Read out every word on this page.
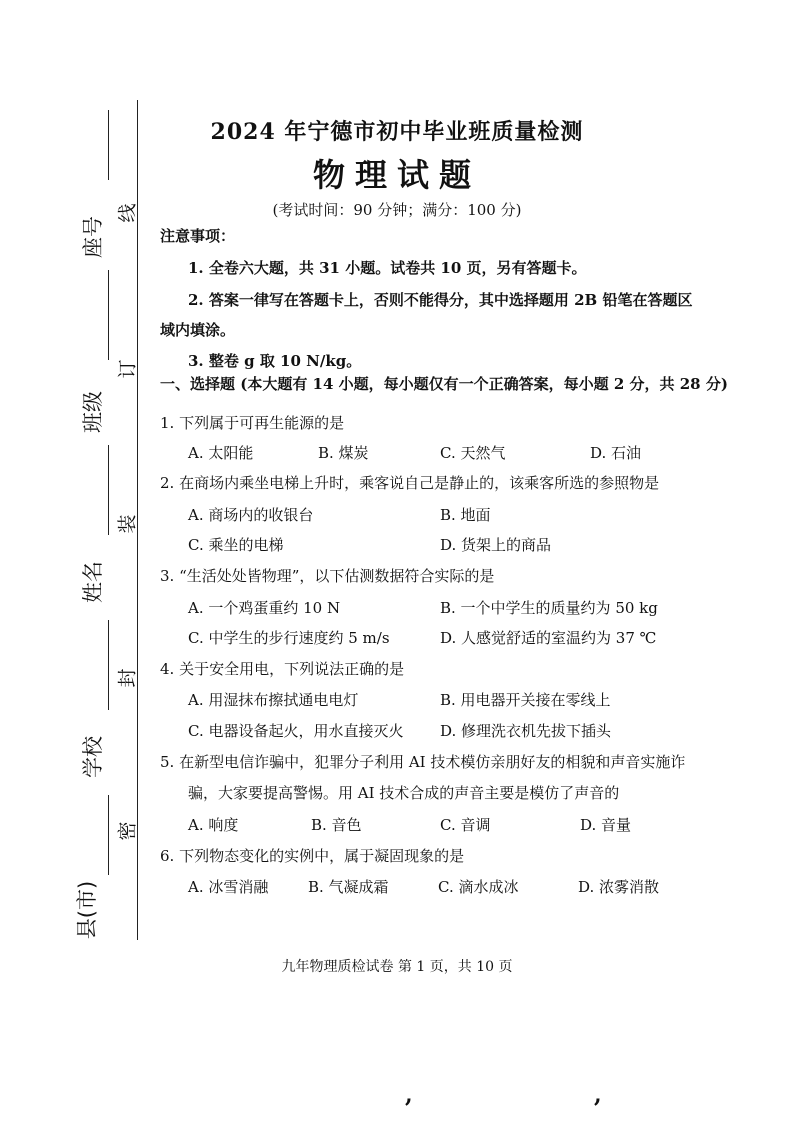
座号
班级
姓名
学校
县(市)
线
订
装
封
密
2024 年宁德市初中毕业班质量检测
物理试题
(考试时间：90 分钟；满分：100 分)
注意事项：
1. 全卷六大题，共 31 小题。试卷共 10 页，另有答题卡。
2. 答案一律写在答题卡上，否则不能得分，其中选择题用 2B 铅笔在答题区
域内填涂。
3. 整卷 g 取 10 N/kg。
一、选择题 (本大题有 14 小题，每小题仅有一个正确答案，每小题 2 分，共 28 分)
1. 下列属于可再生能源的是
A. 太阳能	B. 煤炭	C. 天然气	D. 石油
2. 在商场内乘坐电梯上升时，乘客说自己是静止的，该乘客所选的参照物是
A. 商场内的收银台	B. 地面
C. 乘坐的电梯	D. 货架上的商品
3. “生活处处皆物理”，以下估测数据符合实际的是
A. 一个鸡蛋重约 10 N	B. 一个中学生的质量约为 50 kg
C. 中学生的步行速度约 5 m/s	D. 人感觉舒适的室温约为 37 ℃
4. 关于安全用电，下列说法正确的是
A. 用湿抹布擦拭通电电灯	B. 用电器开关接在零线上
C. 电器设备起火，用水直接灭火 D. 修理洗衣机先拔下插头
5. 在新型电信诈骗中，犯罪分子利用 AI 技术模仿亲朋好友的相貌和声音实施诈
骗，大家要提高警惕。用 AI 技术合成的声音主要是模仿了声音的
A. 响度	B. 音色	C. 音调	D. 音量
6. 下列物态变化的实例中，属于凝固现象的是
A. 冰雪消融	B. 气凝成霜	C. 滴水成冰	D. 浓雾消散
九年物理质检试卷 第 1 页，共 10 页
,	,
